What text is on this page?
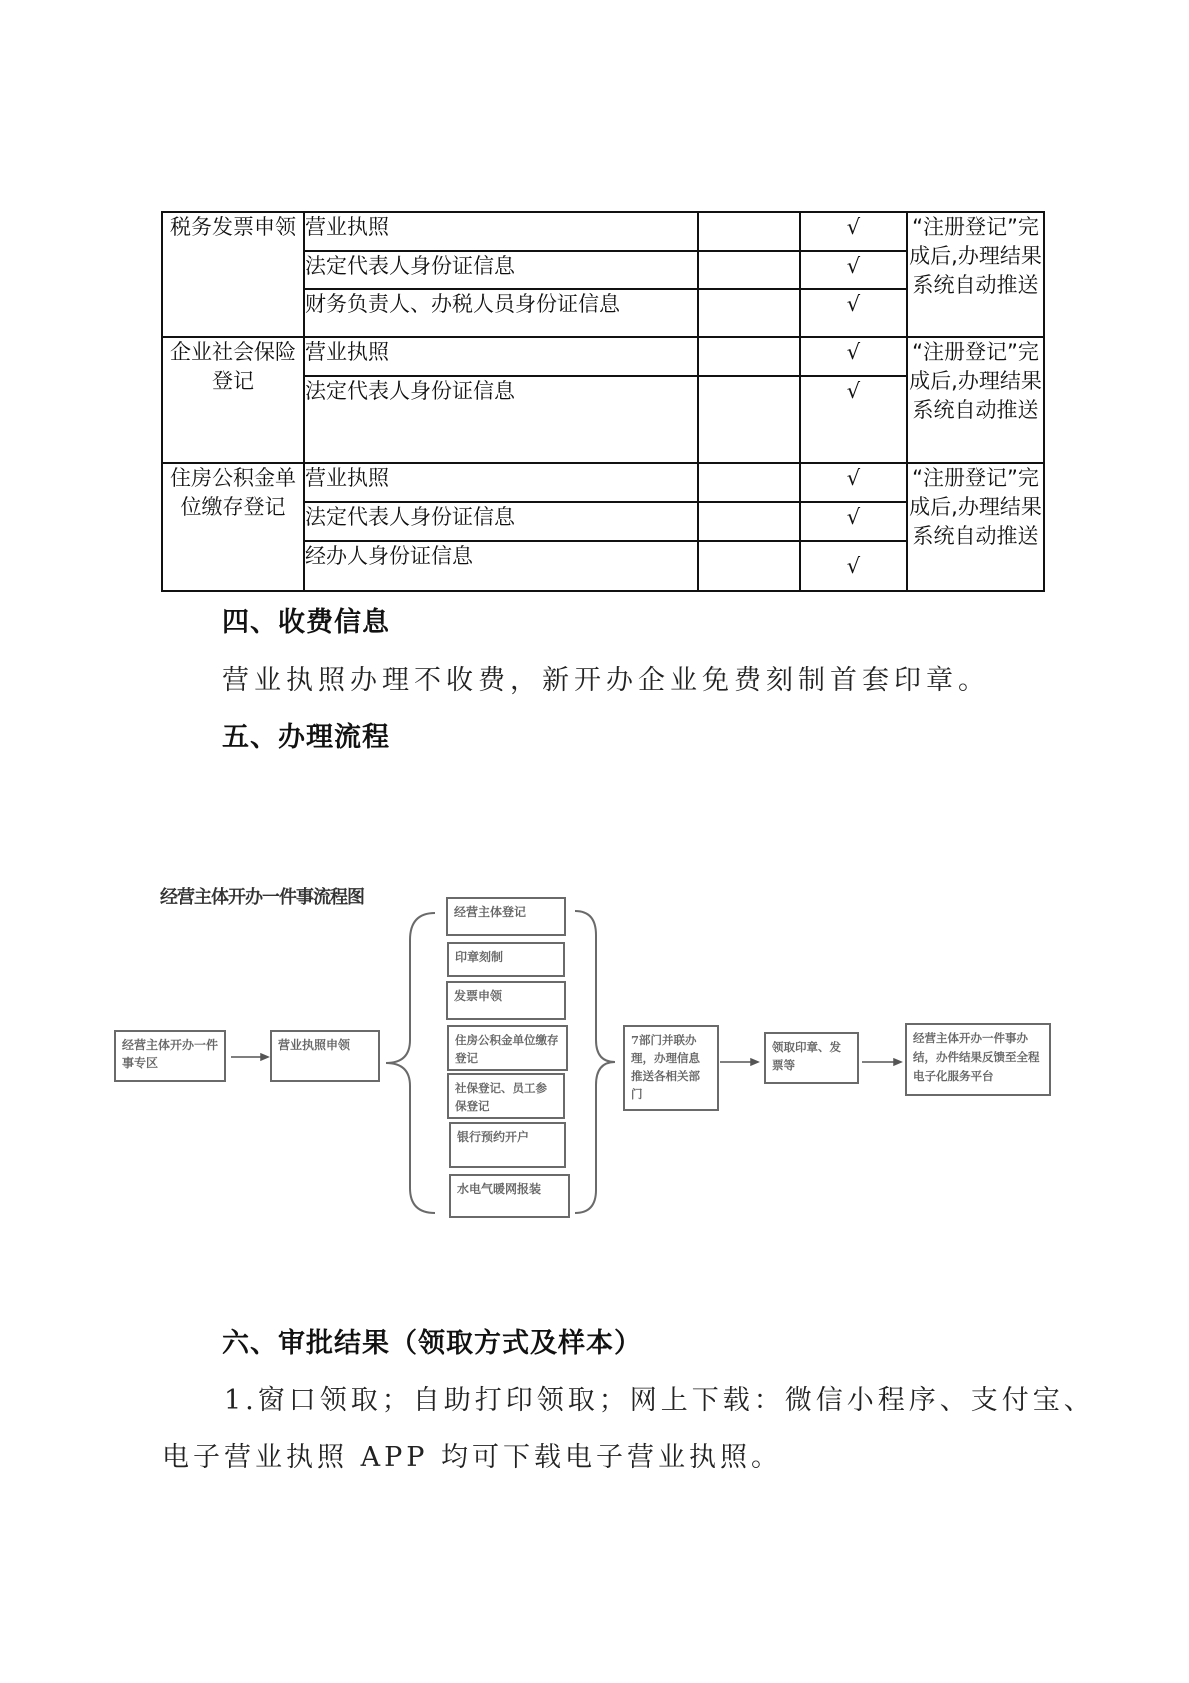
税务发票申领	营业执照		√	“注册登记”完成后,办理结果系统自动推送
	法定代表人身份证信息		√	
	财务负责人、办税人员身份证信息		√	
企业社会保险登记	营业执照		√	“注册登记”完成后,办理结果系统自动推送
	法定代表人身份证信息		√	
住房公积金单位缴存登记	营业执照		√	“注册登记”完成后,办理结果系统自动推送
	法定代表人身份证信息		√	
	经办人身份证信息		√	
四、收费信息
营业执照办理不收费，新开办企业免费刻制首套印章。
五、办理流程
经营主体开办一件事流程图
经营主体开办一件事专区
营业执照申领
经营主体登记
印章刻制
发票申领
住房公积金单位缴存登记
社保登记、员工参保登记
银行预约开户
水电气暖网报装
7部门并联办理，办理信息推送各相关部门
领取印章、发票等
经营主体开办一件事办结，办件结果反馈至全程电子化服务平台
六、审批结果（领取方式及样本）
1.窗口领取；自助打印领取；网上下载：微信小程序、支付宝、
电子营业执照 APP 均可下载电子营业执照。
